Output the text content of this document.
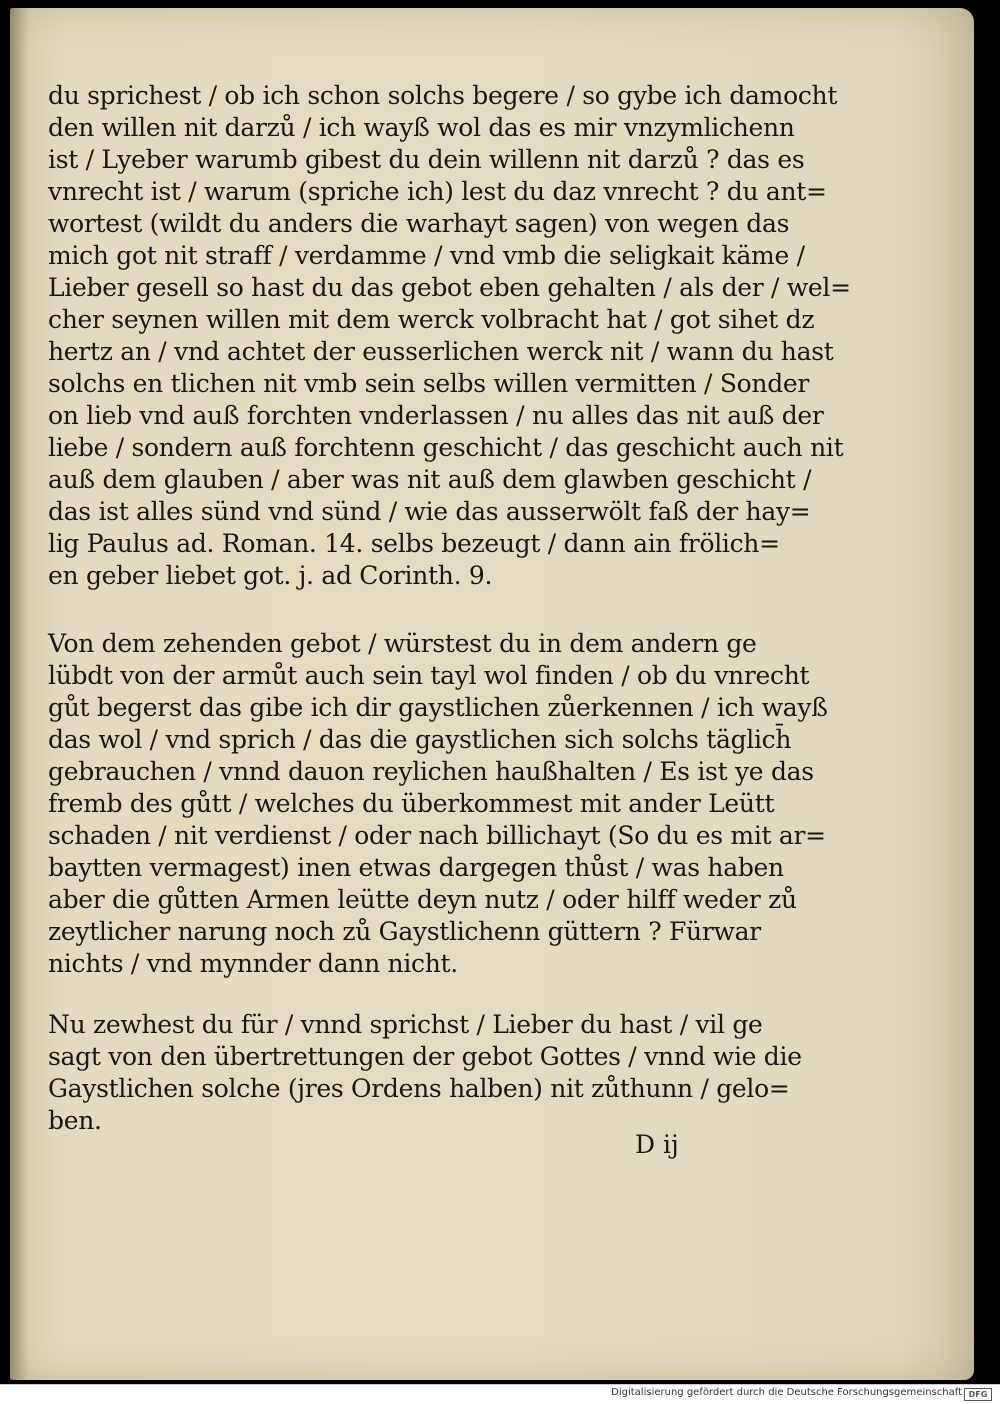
du sprichest / ob ich schon solchs begere / so gybe ich damocht
den willen nit darzů / ich wayß wol das es mir vnzymlichenn
ist / Lyeber warumb gibest du dein willenn nit darzů ? das es
vnrecht ist / warum (spriche ich) lest du daz vnrecht ? du ant=
wortest (wildt du anders die warhayt sagen) von wegen das
mich got nit straff / verdamme / vnd vmb die seligkait käme /
Lieber gesell so hast du das gebot eben gehalten / als der / wel=
cher seynen willen mit dem werck volbracht hat / got sihet dz
hertz an / vnd achtet der eusserlichen werck nit / wann du hast
solchs en tlichen nit vmb sein selbs willen vermitten / Sonder
on lieb vnd auß forchten vnderlassen / nu alles das nit auß der
liebe / sondern auß forchtenn geschicht / das geschicht auch nit
auß dem glauben / aber was nit auß dem glawben geschicht /
das ist alles sünd vnd sünd / wie das ausserwölt faß der hay=
lig Paulus ad. Roman. 14. selbs bezeugt / dann ain frölich=
en geber liebet got. j. ad Corinth. 9.
Von dem zehenden gebot / würstest du in dem andern ge
lübdt von der armůt auch sein tayl wol finden / ob du vnrecht
gůt begerst das gibe ich dir gaystlichen zůerkennen / ich wayß
das wol / vnd sprich / das die gaystlichen sich solchs täglich̄
gebrauchen / vnnd dauon reylichen haußhalten / Es ist ye das
fremb des gůtt / welches du überkommest mit ander Leütt
schaden / nit verdienst / oder nach billichayt (So du es mit ar=
baytten vermagest) inen etwas dargegen thůst / was haben
aber die gůtten Armen leütte deyn nutz / oder hilff weder zů
zeytlicher narung noch zů Gaystlichenn güttern ? Fürwar
nichts / vnd mynnder dann nicht.
Nu zewhest du für / vnnd sprichst / Lieber du hast / vil ge
sagt von den übertrettungen der gebot Gottes / vnnd wie die
Gaystlichen solche (jres Ordens halben) nit zůthunn / gelo=
ben.
D ij
Digitalisierung gefördert durch die Deutsche Forschungsgemeinschaft DFG
